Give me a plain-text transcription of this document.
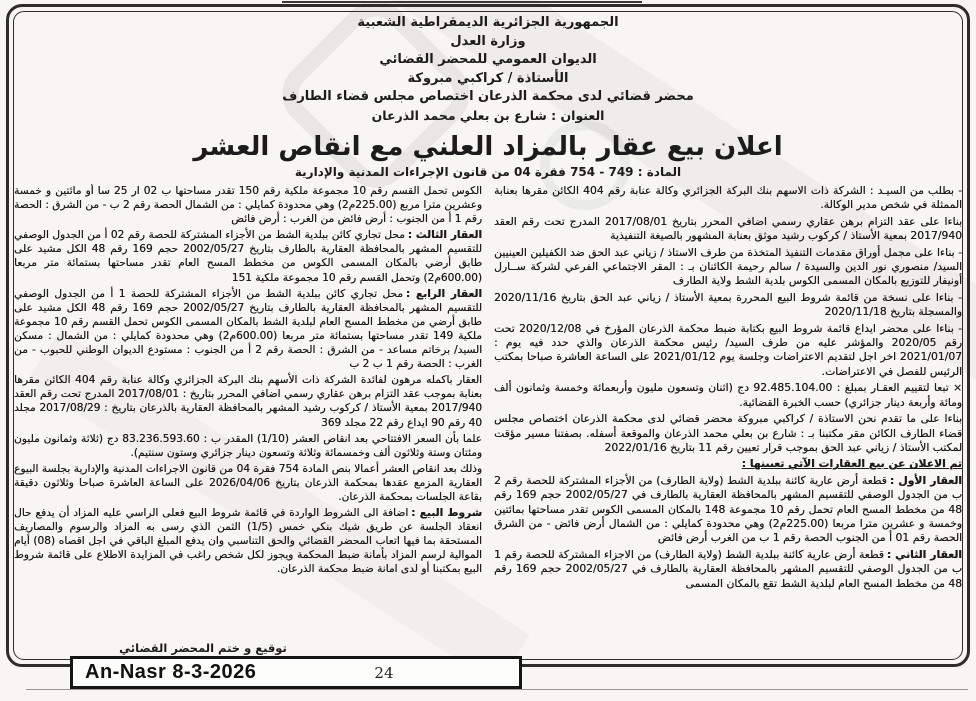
الجمهورية الجزائرية الديمقراطية الشعبية
وزارة العدل
الديوان العمومي للمحضر القضائي
الأستاذة / كراكبي مبروكة
محضر قضائي لدى محكمة الذرعان اختصاص مجلس قضاء الطارف
العنوان : شارع بن بعلي محمد الذرعان
اعلان بيع عقار بالمزاد العلني مع انقاص العشر
المادة : 749 - 754 فقرة 04 من قانون الإجراءات المدنية والإدارية

- بطلب من السيـد : الشركة ذات الاسهم بنك البركة الجزائري وكالة عنابة رقم 404 الكائن مقرها بعنابة الممثلة في شخص مدير الوكالة.

بناءا على عقد التزام برهن عقاري رسمي اضافي المحرر بتاريخ 2017/08/01 المدرج تحت رقم العقد 2017/940 بمعية الأستاذ / كركوب رشيد موثق بعنابة المشهور بالصيغة التنفيذية

- بناءا على مجمل أوراق مقدمات التنفيذ المتخذة من طرف الاستاذ / زياني عبد الحق ضد الكفيلين العينيين السيد/ منصوري نور الدين والسيدة / سالم رحيمة الكائنان بـ : المقر الاجتماعي الفرعي لشركة ســارل أونيفار للتوزيع بالمكان المسمى الكوس بلدية الشط ولاية الطارف

- بناءا على نسخة من قائمة شروط البيع المحررة بمعية الأستاذ / زياني عبد الحق بتاريخ 2020/11/16 والمسجلة بتاريخ 2020/11/18

- بناءا على محضر ايداع قائمة شروط البيع بكتابة ضبط محكمة الذرعان المؤرخ في 2020/12/08 تحت رقم 2020/05 والمؤشر عليه من طرف السيد/ رئيس محكمة الذرعان والذي حدد فيه يوم : 2021/01/07 اخر اجل لتقديم الاعتراضات وجلسة يوم 2021/01/12 على الساعة العاشرة صباحا بمكتب الرئيس للفصل في الاعتراضات.

× تبعا لتقييم العقـار بمبلغ : 92.485.104.00 دج (اثنان وتسعون مليون وأربعمائة وخمسة وثمانون ألف ومائة وأربعة دينار جزائري) حسب الخبرة القضائية.

بناءا على ما تقدم نحن الاستاذة / كراكبي مبروكة محضر قضائي لدى محكمة الذرعان اختصاص مجلس قضاء الطارف الكائن مقر مكتبنا بـ : شارع بن بعلي محمد الذرعان والموقعة أسفله. بصفتنا مسير مؤقت لمكتب الأستاذ / زياني عبد الحق بموجب قرار تعيين رقم 11 بتاريخ 2022/01/16

تم الاعلان عن بيع العقارات الآتي تعيينها :

العقار الأول :قطعة أرض عارية كائنة ببلدية الشط (ولاية الطارف) من الأجزاء المشتركة للحصة رقم 2 ب من الجدول الوصفي للتقسيم المشهر بالمحافظة العقارية بالطارف في 2002/05/27 حجم 169 رقم 48 من مخطط المسح العام تحمل رقم 10 مجموعة 148 بالمكان المسمى الكوس تقدر مساحتها بمائتين وخمسة و عشرين مترا مربعا (225.00م2) وهي محدودة كمايلي : من الشمال أرض فائض - من الشرق الحصة رقم 01 أ من الجنوب الحصة رقم 1 ب من الغرب أرض فائض

العقار الثاني :قطعة أرض عارية كائنة ببلدية الشط (ولاية الطارف) من الاجزاء المشتركة للحصة رقم 1 ب من الجدول الوصفي للتقسيم المشهر بالمحافظة العقارية بالطارف في 2002/05/27 حجم 169 رقم 48 من مخطط المسح العام لبلدية الشط تقع بالمكان المسمى

الكوس تحمل القسم رقم 10 مجموعة ملكية رقم 150 تقدر مساحتها ب 02 ار 25 سا أو مائتين و خمسة وعشرين مترا مربع (225.00م2) وهي محدودة كمايلي : من الشمال الحصة رقم 2 ب - من الشرق : الحصة رقم 1 أ من الجنوب : أرض فائض من الغرب : أرض فائض

العقار الثالث :محل تجاري كائن ببلدية الشط من الأجزاء المشتركة للحصة رقم 02 أ من الجدول الوصفي للتقسيم المشهر بالمحافظة العقارية بالطارف بتاريخ 2002/05/27 حجم 169 رقم 48 الكل مشيد على طابق أرضي بالمكان المسمى الكوس من مخطط المسح العام تقدر مساحتها بستمائة متر مربعا (600.00م2) وتحمل القسم رقم 10 مجموعة ملكية 151

العقار الرابع :محل تجاري كائن ببلدية الشط من الأجزاء المشتركة للحصة 1 أ من الجدول الوصفي للتقسيم المشهر بالمحافظة العقارية بالطارف بتاريخ 2002/05/27 حجم 169 رقم 48 الكل مشيد على طابق أرضي من مخطط المسح العام لبلدية الشط بالمكان المسمى الكوس تحمل القسم رقم 10 مجموعة ملكية 149 تقدر مساحتها بستمائة متر مربعا (600.00م2) وهي محدودة كمايلي : من الشمال : مسكن السيد/ برخاتم مساعد - من الشرق : الحصة رقم 2 أ من الجنوب : مستودع الديوان الوطني للحبوب - من الغرب : الحصة رقم 1 ب 2 ب

العقار باكمله مرهون لفائدة الشركة ذات الأسهم بنك البركة الجزائري وكالة عنابة رقم 404 الكائن مقرها بعنابة بموجب عقد التزام برهن عقاري رسمي اضافي المحرر بتاريخ : 2017/08/01 المدرج تحت رقم العقد 2017/940 بمعية الأستاذ / كركوب رشيد المشهر بالمحافظة العقارية بالذرعان بتاريخ : 2017/08/29 مجلد 40 رقم 90 ايداع رقم 22 مجلد 369

علما بأن السعر الافتتاحي بعد انقاص العشر (1/10) المقدر ب : 83.236.593.60 دج (ثلاثة وثمانون مليون ومئتان وستة وثلاثون ألف وخمسمائة وثلاثة وتسعون دينار جزائري وستون سنتيم).

وذلك بعد انقاص العشر أعمالا بنص المادة 754 فقرة 04 من قانون الاجراءات المدنية والإدارية بجلسة البيوع العقارية المزمع عقدها بمحكمة الذرعان بتاريخ 2026/04/06 على الساعة العاشرة صباحا وثلاثون دقيقة بقاعة الجلسات بمحكمة الذرعان.

شروط البيع :اضافة الى الشروط الواردة في قائمة شروط البيع فعلى الراسي عليه المزاد أن يدفع حال انعقاد الجلسة عن طريق شيك بنكي خمس (1/5) الثمن الذي رسى به المزاد والرسوم والمصاريف المستحقة بما فيها اتعاب المحضر القضائي والحق التناسبي وان يدفع المبلغ الباقي في اجل اقصاه (08) أيام الموالية لرسم المزاد بأمانة ضبط المحكمة ويجوز لكل شخص راغب في المزايدة الاطلاع على قائمة شروط البيع بمكتبنا أو لدى امانة ضبط محكمة الذرعان.

توقيع و ختم المحضر القضائي
An-Nasr 8-3-2026	24
